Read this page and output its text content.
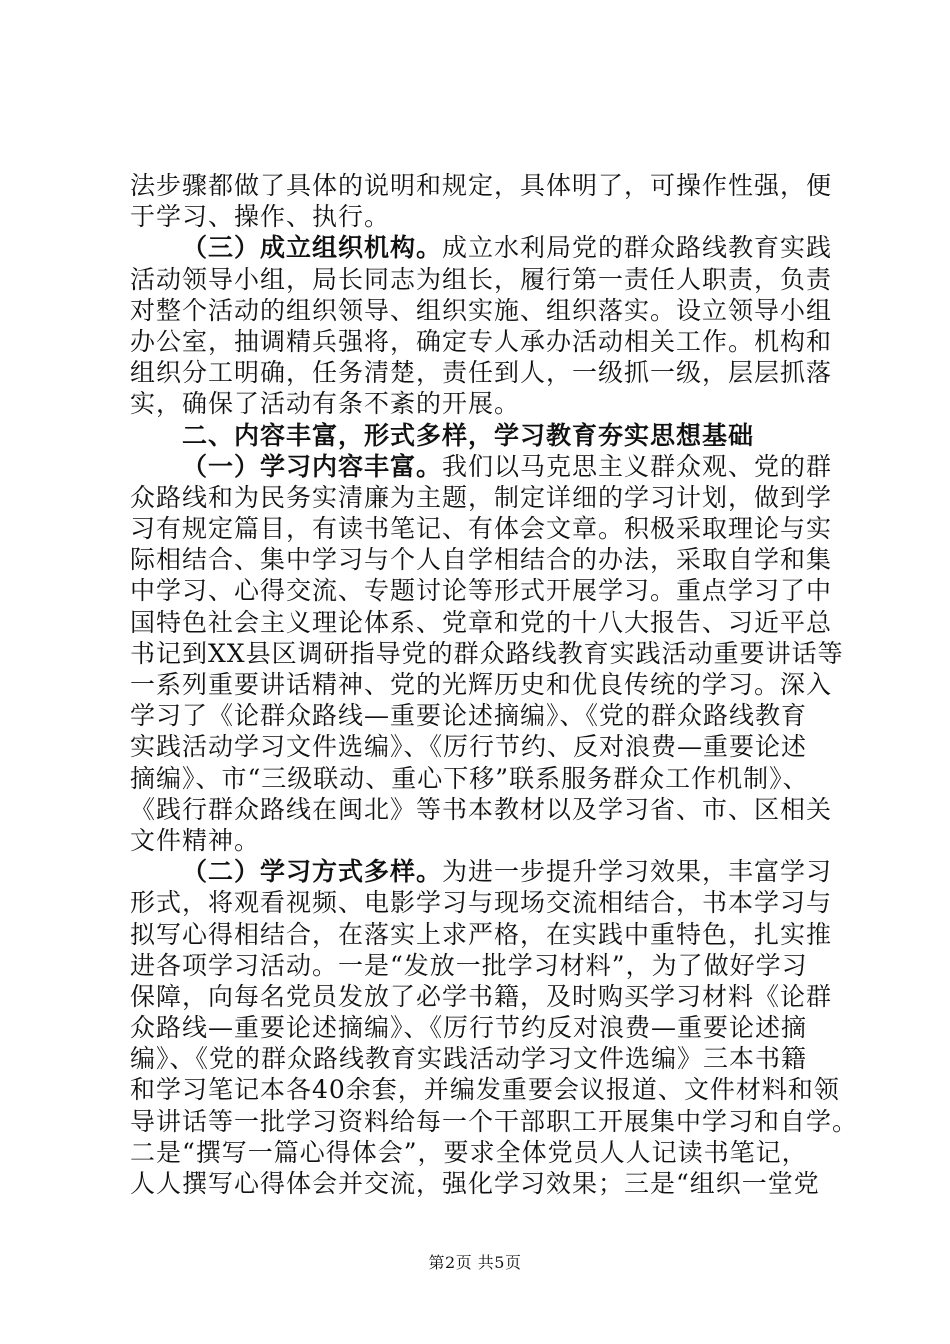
法步骤都做了具体的说明和规定，具体明了，可操作性强，便
于学习、操作、执行。
（三）成立组织机构。成立水利局党的群众路线教育实践
活动领导小组，局长同志为组长，履行第一责任人职责，负责
对整个活动的组织领导、组织实施、组织落实。设立领导小组
办公室，抽调精兵强将，确定专人承办活动相关工作。机构和
组织分工明确，任务清楚，责任到人，一级抓一级，层层抓落
实，确保了活动有条不紊的开展。
二、内容丰富，形式多样，学习教育夯实思想基础
（一）学习内容丰富。我们以马克思主义群众观、党的群
众路线和为民务实清廉为主题，制定详细的学习计划，做到学
习有规定篇目，有读书笔记、有体会文章。积极采取理论与实
际相结合、集中学习与个人自学相结合的办法，采取自学和集
中学习、心得交流、专题讨论等形式开展学习。重点学习了中
国特色社会主义理论体系、党章和党的十八大报告、习近平总
书记到XX县区调研指导党的群众路线教育实践活动重要讲话等
一系列重要讲话精神、党的光辉历史和优良传统的学习。深入
学习了《论群众路线—重要论述摘编》、《党的群众路线教育
实践活动学习文件选编》、《厉行节约、反对浪费—重要论述
摘编》、市“三级联动、重心下移”联系服务群众工作机制》、
《践行群众路线在闽北》等书本教材以及学习省、市、区相关
文件精神。
（二）学习方式多样。为进一步提升学习效果，丰富学习
形式，将观看视频、电影学习与现场交流相结合，书本学习与
拟写心得相结合，在落实上求严格，在实践中重特色，扎实推
进各项学习活动。一是“发放一批学习材料”，为了做好学习
保障，向每名党员发放了必学书籍，及时购买学习材料《论群
众路线—重要论述摘编》、《厉行节约反对浪费—重要论述摘
编》、《党的群众路线教育实践活动学习文件选编》三本书籍
和学习笔记本各40余套，并编发重要会议报道、文件材料和领
导讲话等一批学习资料给每一个干部职工开展集中学习和自学。
二是“撰写一篇心得体会”，要求全体党员人人记读书笔记，
人人撰写心得体会并交流，强化学习效果；三是“组织一堂党
第2页 共5页
